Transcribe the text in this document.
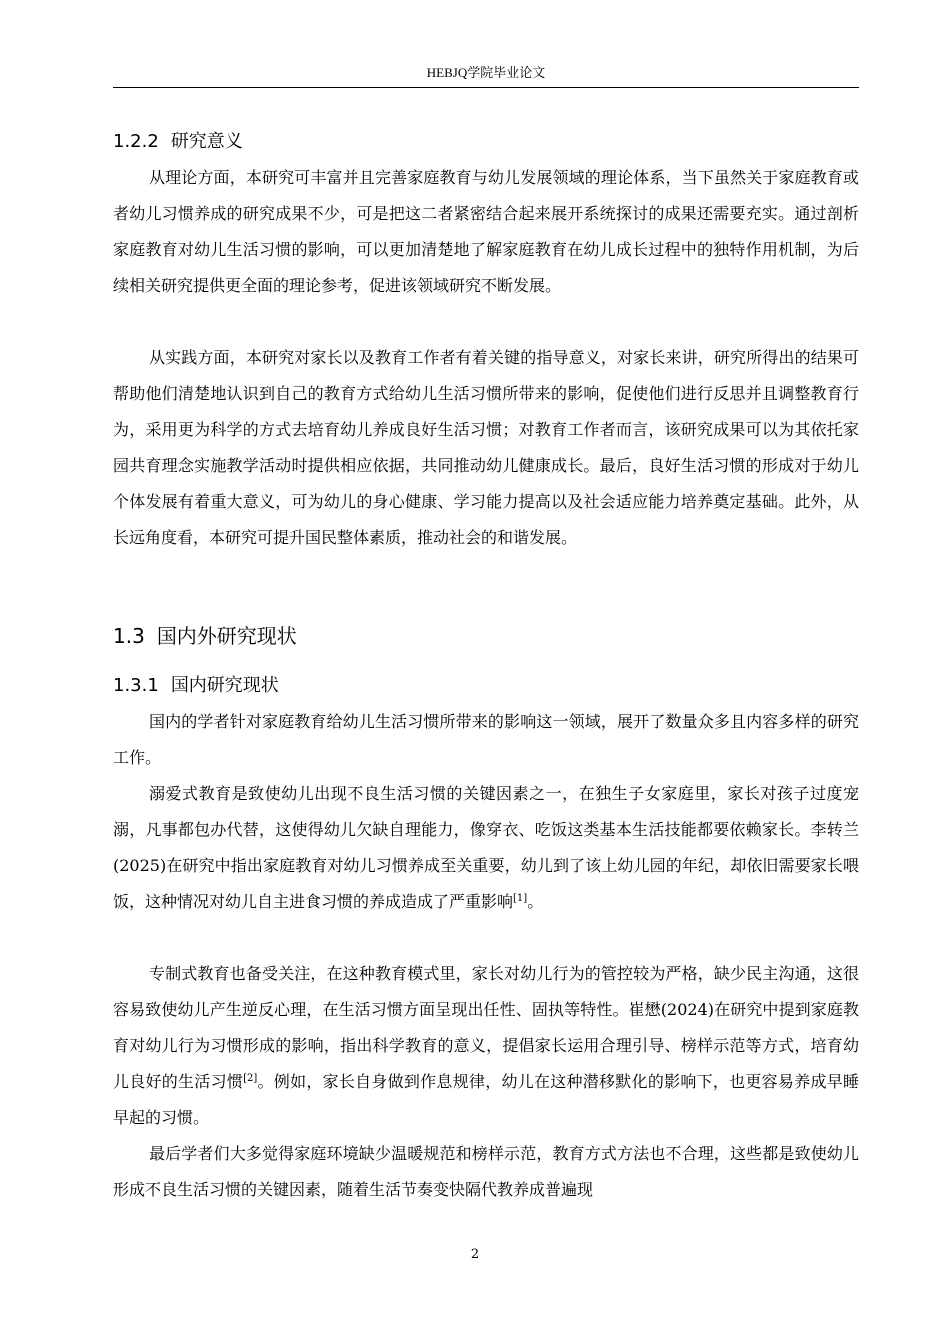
HEBJQ学院毕业论文
1.2.2 研究意义

从理论方面，本研究可丰富并且完善家庭教育与幼儿发展领域的理论体系，当下虽然关于家庭教育或者幼儿习惯养成的研究成果不少，可是把这二者紧密结合起来展开系统探讨的成果还需要充实。通过剖析家庭教育对幼儿生活习惯的影响，可以更加清楚地了解家庭教育在幼儿成长过程中的独特作用机制，为后续相关研究提供更全面的理论参考，促进该领域研究不断发展。

从实践方面，本研究对家长以及教育工作者有着关键的指导意义，对家长来讲，研究所得出的结果可帮助他们清楚地认识到自己的教育方式给幼儿生活习惯所带来的影响，促使他们进行反思并且调整教育行为，采用更为科学的方式去培育幼儿养成良好生活习惯；对教育工作者而言，该研究成果可以为其依托家园共育理念实施教学活动时提供相应依据，共同推动幼儿健康成长。最后，良好生活习惯的形成对于幼儿个体发展有着重大意义，可为幼儿的身心健康、学习能力提高以及社会适应能力培养奠定基础。此外，从长远角度看，本研究可提升国民整体素质，推动社会的和谐发展。

1.3 国内外研究现状
1.3.1 国内研究现状

国内的学者针对家庭教育给幼儿生活习惯所带来的影响这一领域，展开了数量众多且内容多样的研究工作。

溺爱式教育是致使幼儿出现不良生活习惯的关键因素之一，在独生子女家庭里，家长对孩子过度宠溺，凡事都包办代替，这使得幼儿欠缺自理能力，像穿衣、吃饭这类基本生活技能都要依赖家长。李转兰(2025)在研究中指出家庭教育对幼儿习惯养成至关重要，幼儿到了该上幼儿园的年纪，却依旧需要家长喂饭，这种情况对幼儿自主进食习惯的养成造成了严重影响[1]。

专制式教育也备受关注，在这种教育模式里，家长对幼儿行为的管控较为严格，缺少民主沟通，这很容易致使幼儿产生逆反心理，在生活习惯方面呈现出任性、固执等特性。崔懋(2024)在研究中提到家庭教育对幼儿行为习惯形成的影响，指出科学教育的意义，提倡家长运用合理引导、榜样示范等方式，培育幼儿良好的生活习惯[2]。例如，家长自身做到作息规律，幼儿在这种潜移默化的影响下，也更容易养成早睡早起的习惯。

最后学者们大多觉得家庭环境缺少温暖规范和榜样示范，教育方式方法也不合理，这些都是致使幼儿形成不良生活习惯的关键因素，随着生活节奏变快隔代教养成普遍现

2
